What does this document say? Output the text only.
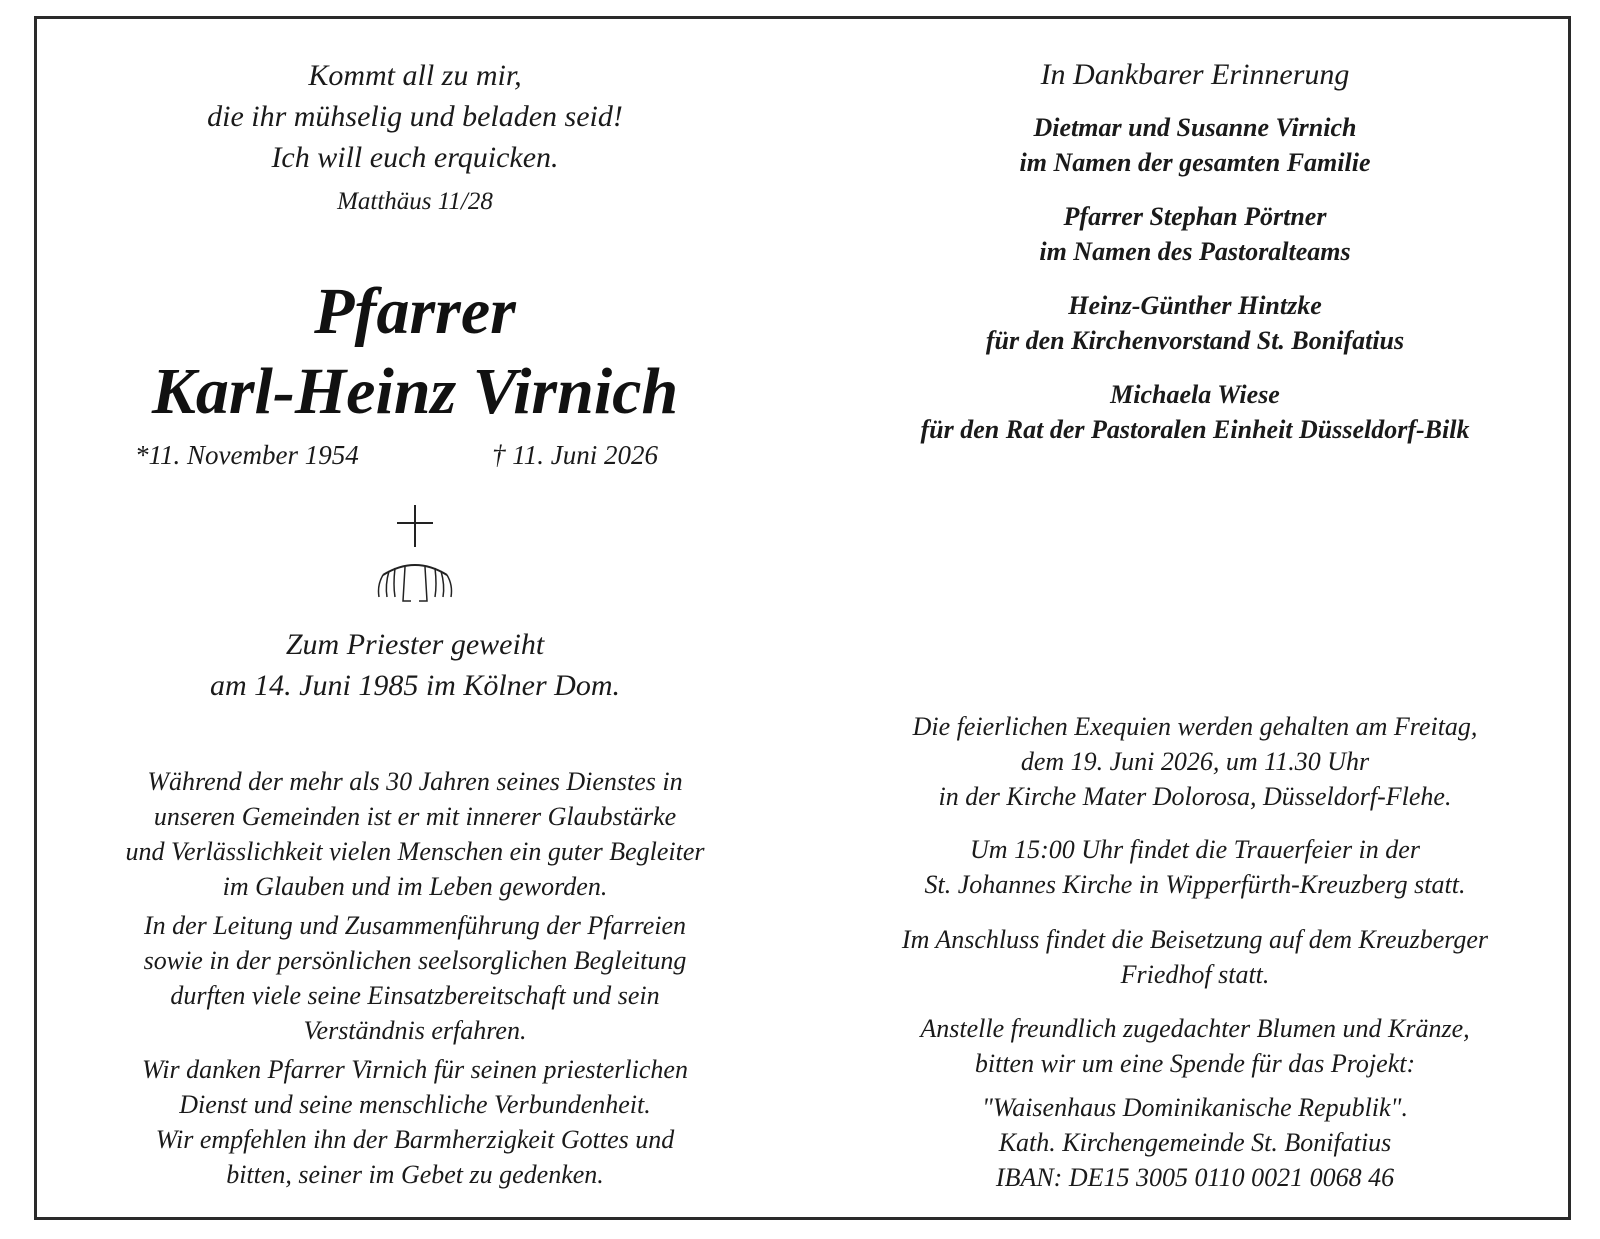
Kommt all zu mir,
die ihr mühselig und beladen seid!
Ich will euch erquicken.
Matthäus 11/28
Pfarrer
Karl-Heinz Virnich
*11. November 1954	† 11. Juni 2026
Zum Priester geweiht
am 14. Juni 1985 im Kölner Dom.
Während der mehr als 30 Jahren seines Dienstes in
unseren Gemeinden ist er mit innerer Glaubstärke
und Verlässlichkeit vielen Menschen ein guter Begleiter
im Glauben und im Leben geworden.
In der Leitung und Zusammenführung der Pfarreien
sowie in der persönlichen seelsorglichen Begleitung
durften viele seine Einsatzbereitschaft und sein
Verständnis erfahren.
Wir danken Pfarrer Virnich für seinen priesterlichen
Dienst und seine menschliche Verbundenheit.
Wir empfehlen ihn der Barmherzigkeit Gottes und
bitten, seiner im Gebet zu gedenken.
In Dankbarer Erinnerung
Dietmar und Susanne Virnich
im Namen der gesamten Familie
Pfarrer Stephan Pörtner
im Namen des Pastoralteams
Heinz-Günther Hintzke
für den Kirchenvorstand St. Bonifatius
Michaela Wiese
für den Rat der Pastoralen Einheit Düsseldorf-Bilk
Die feierlichen Exequien werden gehalten am Freitag,
dem 19. Juni 2026, um 11.30 Uhr
in der Kirche Mater Dolorosa, Düsseldorf-Flehe.
Um 15:00 Uhr findet die Trauerfeier in der
St. Johannes Kirche in Wipperfürth-Kreuzberg statt.
Im Anschluss findet die Beisetzung auf dem Kreuzberger
Friedhof statt.
Anstelle freundlich zugedachter Blumen und Kränze,
bitten wir um eine Spende für das Projekt:
"Waisenhaus Dominikanische Republik".
Kath. Kirchengemeinde St. Bonifatius
IBAN: DE15 3005 0110 0021 0068 46
